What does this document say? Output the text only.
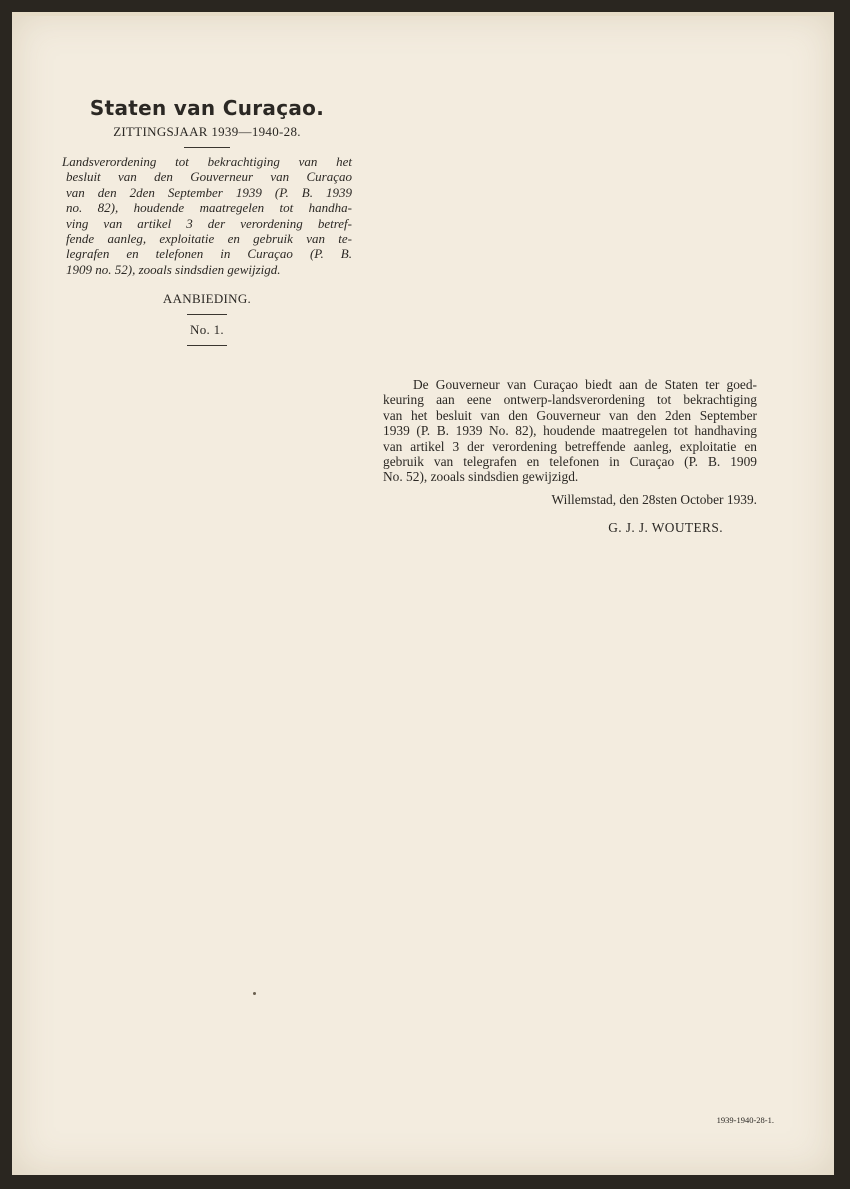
Staten van Curaçao.
ZITTINGSJAAR 1939—1940-28.
Landsverordening tot bekrachtiging van het
besluit van den Gouverneur van Curaçao
van den 2den September 1939 (P. B. 1939
no. 82), houdende maatregelen tot handha-
ving van artikel 3 der verordening betref-
fende aanleg, exploitatie en gebruik van te-
legrafen en telefonen in Curaçao (P. B.
1909 no. 52), zooals sindsdien gewijzigd.
AANBIEDING.
No. 1.
De Gouverneur van Curaçao biedt aan de Staten ter goed-
keuring aan eene ontwerp-landsverordening tot bekrachtiging
van het besluit van den Gouverneur van den 2den September
1939 (P. B. 1939 No. 82), houdende maatregelen tot handhaving
van artikel 3 der verordening betreffende aanleg, exploitatie en
gebruik van telegrafen en telefonen in Curaçao (P. B. 1909
No. 52), zooals sindsdien gewijzigd.
Willemstad, den 28sten October 1939.
G. J. J. WOUTERS.
1939-1940-28-1.
